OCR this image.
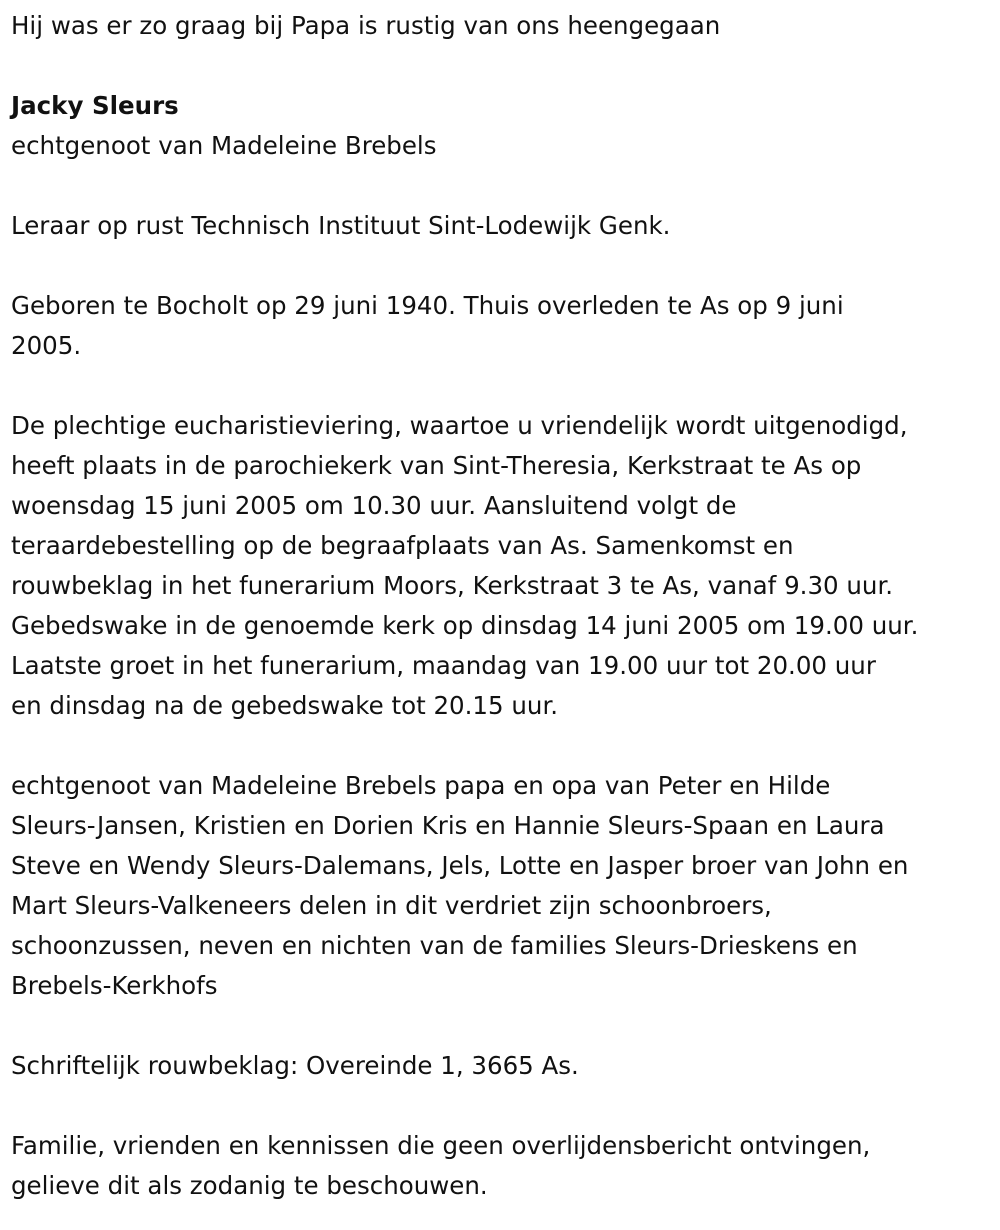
Hij was er zo graag bij Papa is rustig van ons heengegaan

Jacky Sleurs

echtgenoot van Madeleine Brebels

Leraar op rust Technisch Instituut Sint-Lodewijk Genk.

Geboren te Bocholt op 29 juni 1940. Thuis overleden te As op 9 juni

2005.

De plechtige eucharistieviering, waartoe u vriendelijk wordt uitgenodigd,

heeft plaats in de parochiekerk van Sint-Theresia, Kerkstraat te As op

woensdag 15 juni 2005 om 10.30 uur. Aansluitend volgt de

teraardebestelling op de begraafplaats van As. Samenkomst en

rouwbeklag in het funerarium Moors, Kerkstraat 3 te As, vanaf 9.30 uur.

Gebedswake in de genoemde kerk op dinsdag 14 juni 2005 om 19.00 uur.

Laatste groet in het funerarium, maandag van 19.00 uur tot 20.00 uur

en dinsdag na de gebedswake tot 20.15 uur.

echtgenoot van Madeleine Brebels papa en opa van Peter en Hilde

Sleurs-Jansen, Kristien en Dorien Kris en Hannie Sleurs-Spaan en Laura

Steve en Wendy Sleurs-Dalemans, Jels, Lotte en Jasper broer van John en

Mart Sleurs-Valkeneers delen in dit verdriet zijn schoonbroers,

schoonzussen, neven en nichten van de families Sleurs-Drieskens en

Brebels-Kerkhofs

Schriftelijk rouwbeklag: Overeinde 1, 3665 As.

Familie, vrienden en kennissen die geen overlijdensbericht ontvingen,

gelieve dit als zodanig te beschouwen.
